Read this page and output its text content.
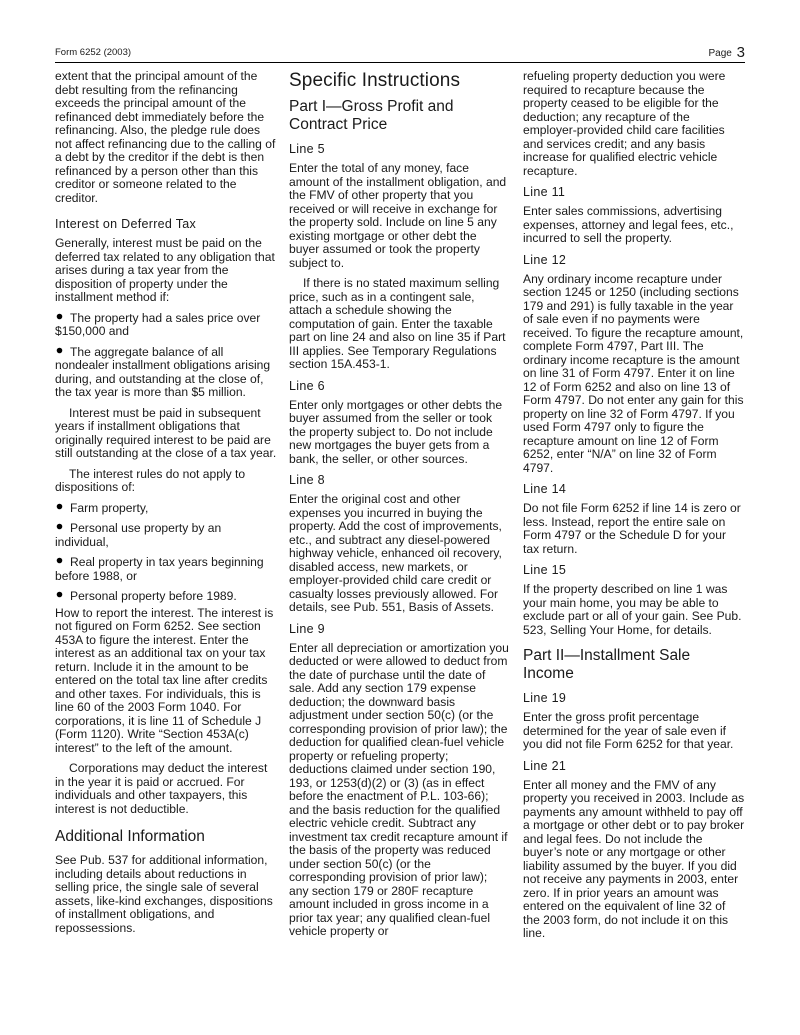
Form 6252 (2003)	Page 3

extent that the principal amount of the debt resulting from the refinancing exceeds the principal amount of the refinanced debt immediately before the refinancing. Also, the pledge rule does not affect refinancing due to the calling of a debt by the creditor if the debt is then refinanced by a person other than this creditor or someone related to the creditor.

Interest on Deferred Tax

Generally, interest must be paid on the deferred tax related to any obligation that arises during a tax year from the disposition of property under the installment method if:

The property had a sales price over $150,000 and

The aggregate balance of all nondealer installment obligations arising during, and outstanding at the close of, the tax year is more than $5 million.

Interest must be paid in subsequent years if installment obligations that originally required interest to be paid are still outstanding at the close of a tax year.

The interest rules do not apply to dispositions of:

Farm property,

Personal use property by an individual,

Real property in tax years beginning before 1988, or

Personal property before 1989.

How to report the interest. The interest is not figured on Form 6252. See section 453A to figure the interest. Enter the interest as an additional tax on your tax return. Include it in the amount to be entered on the total tax line after credits and other taxes. For individuals, this is line 60 of the 2003 Form 1040. For corporations, it is line 11 of Schedule J (Form 1120). Write “Section 453A(c) interest” to the left of the amount.

Corporations may deduct the interest in the year it is paid or accrued. For individuals and other taxpayers, this interest is not deductible.

Additional Information

See Pub. 537 for additional information, including details about reductions in selling price, the single sale of several assets, like-kind exchanges, dispositions of installment obligations, and repossessions.

Specific Instructions
Part I—Gross Profit and Contract Price
Line 5

Enter the total of any money, face amount of the installment obligation, and the FMV of other property that you received or will receive in exchange for the property sold. Include on line 5 any existing mortgage or other debt the buyer assumed or took the property subject to.

If there is no stated maximum selling price, such as in a contingent sale, attach a schedule showing the computation of gain. Enter the taxable part on line 24 and also on line 35 if Part III applies. See Temporary Regulations section 15A.453-1.

Line 6

Enter only mortgages or other debts the buyer assumed from the seller or took the property subject to. Do not include new mortgages the buyer gets from a bank, the seller, or other sources.

Line 8

Enter the original cost and other expenses you incurred in buying the property. Add the cost of improvements, etc., and subtract any diesel-powered highway vehicle, enhanced oil recovery, disabled access, new markets, or employer-provided child care credit or casualty losses previously allowed. For details, see Pub. 551, Basis of Assets.

Line 9

Enter all depreciation or amortization you deducted or were allowed to deduct from the date of purchase until the date of sale. Add any section 179 expense deduction; the downward basis adjustment under section 50(c) (or the corresponding provision of prior law); the deduction for qualified clean-fuel vehicle property or refueling property; deductions claimed under section 190, 193, or 1253(d)(2) or (3) (as in effect before the enactment of P.L. 103-66); and the basis reduction for the qualified electric vehicle credit. Subtract any investment tax credit recapture amount if the basis of the property was reduced under section 50(c) (or the corresponding provision of prior law); any section 179 or 280F recapture amount included in gross income in a prior tax year; any qualified clean-fuel vehicle property or

refueling property deduction you were required to recapture because the property ceased to be eligible for the deduction; any recapture of the employer-provided child care facilities and services credit; and any basis increase for qualified electric vehicle recapture.

Line 11

Enter sales commissions, advertising expenses, attorney and legal fees, etc., incurred to sell the property.

Line 12

Any ordinary income recapture under section 1245 or 1250 (including sections 179 and 291) is fully taxable in the year of sale even if no payments were received. To figure the recapture amount, complete Form 4797, Part III. The ordinary income recapture is the amount on line 31 of Form 4797. Enter it on line 12 of Form 6252 and also on line 13 of Form 4797. Do not enter any gain for this property on line 32 of Form 4797. If you used Form 4797 only to figure the recapture amount on line 12 of Form 6252, enter “N/A” on line 32 of Form 4797.

Line 14

Do not file Form 6252 if line 14 is zero or less. Instead, report the entire sale on Form 4797 or the Schedule D for your tax return.

Line 15

If the property described on line 1 was your main home, you may be able to exclude part or all of your gain. See Pub. 523, Selling Your Home, for details.

Part II—Installment Sale Income
Line 19

Enter the gross profit percentage determined for the year of sale even if you did not file Form 6252 for that year.

Line 21

Enter all money and the FMV of any property you received in 2003. Include as payments any amount withheld to pay off a mortgage or other debt or to pay broker and legal fees. Do not include the buyer’s note or any mortgage or other liability assumed by the buyer. If you did not receive any payments in 2003, enter zero. If in prior years an amount was entered on the equivalent of line 32 of the 2003 form, do not include it on this line.
